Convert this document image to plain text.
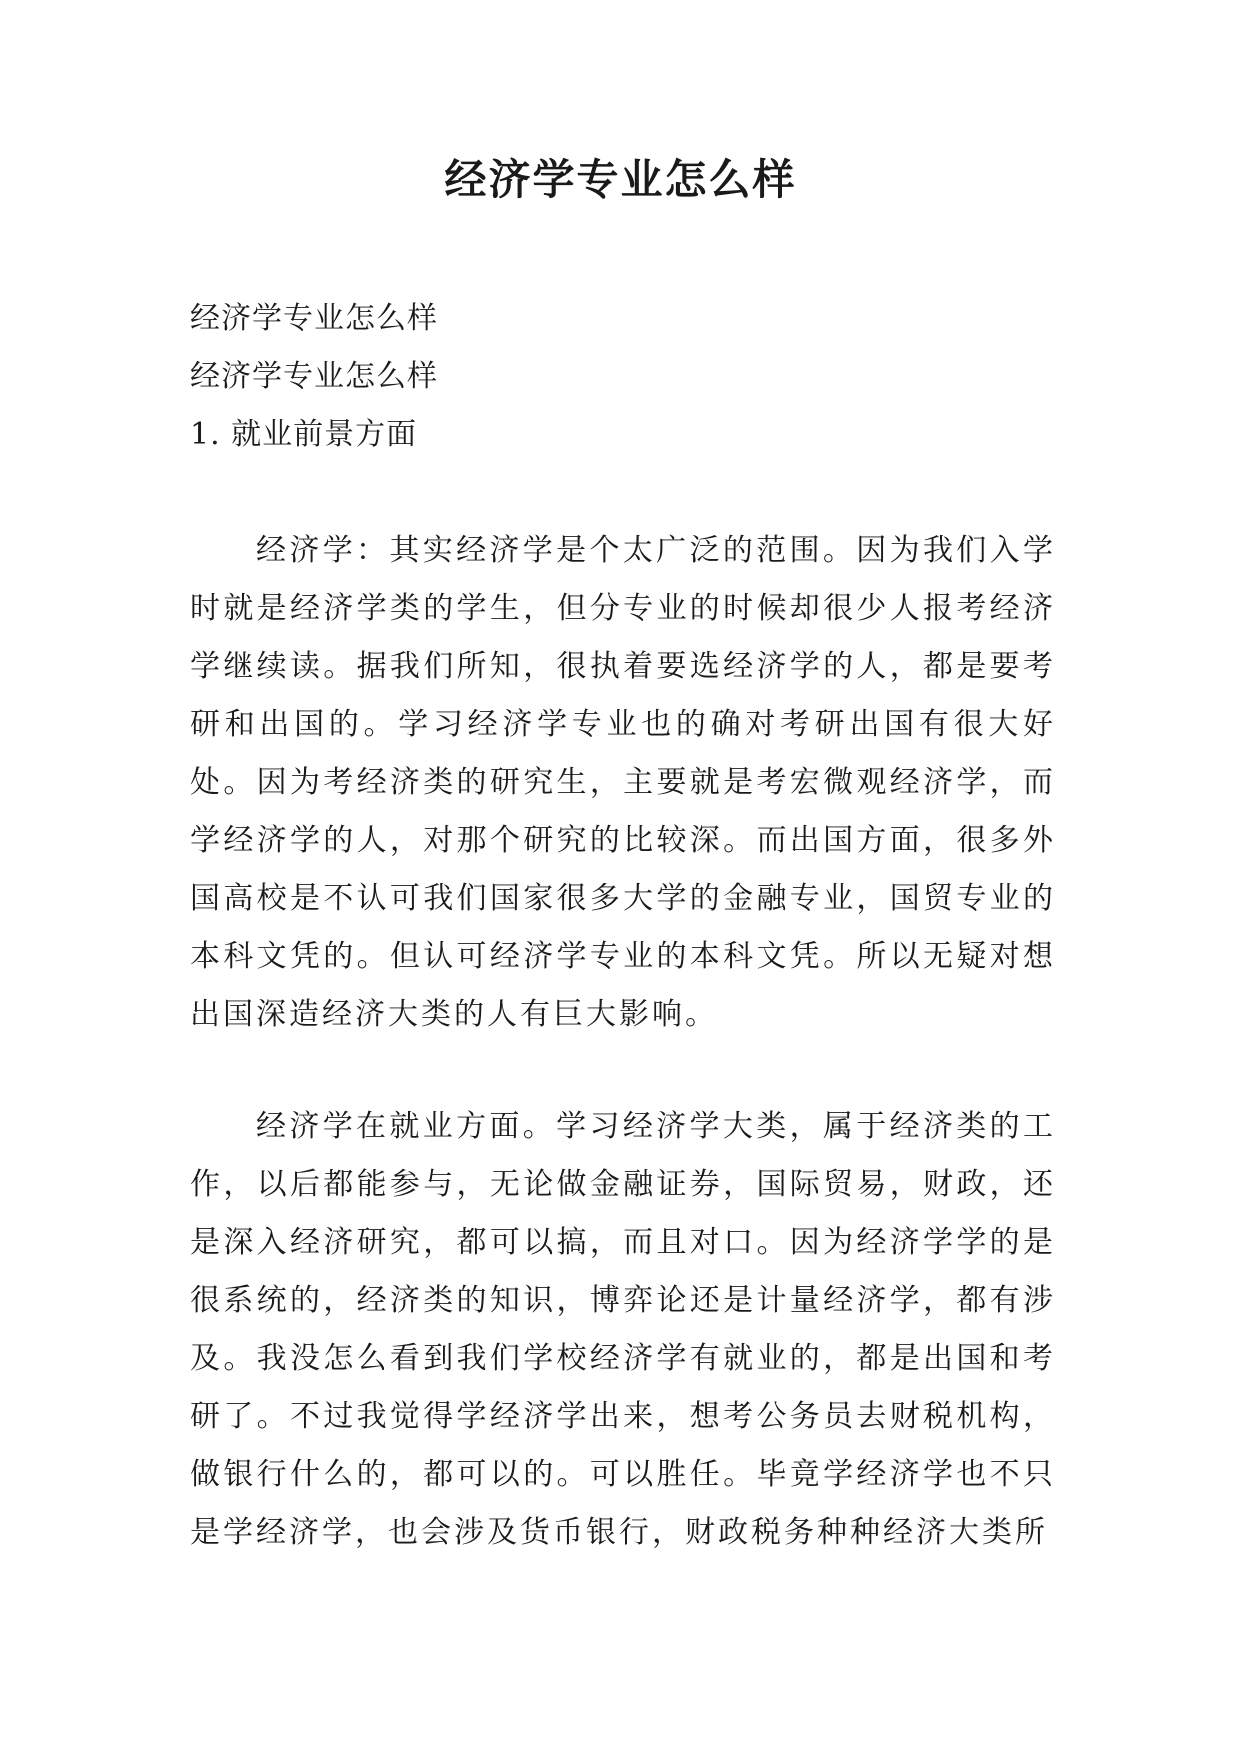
经济学专业怎么样
经济学专业怎么样
经济学专业怎么样
1. 就业前景方面

经济学：其实经济学是个太广泛的范围。因为我们入学时就是经济学类的学生，但分专业的时候却很少人报考经济学继续读。据我们所知，很执着要选经济学的人，都是要考研和出国的。学习经济学专业也的确对考研出国有很大好处。因为考经济类的研究生，主要就是考宏微观经济学，而学经济学的人，对那个研究的比较深。而出国方面，很多外国高校是不认可我们国家很多大学的金融专业，国贸专业的本科文凭的。但认可经济学专业的本科文凭。所以无疑对想出国深造经济大类的人有巨大影响。

经济学在就业方面。学习经济学大类，属于经济类的工作，以后都能参与，无论做金融证券，国际贸易，财政，还是深入经济研究，都可以搞，而且对口。因为经济学学的是很系统的，经济类的知识，博弈论还是计量经济学，都有涉及。我没怎么看到我们学校经济学有就业的，都是出国和考研了。不过我觉得学经济学出来，想考公务员去财税机构，做银行什么的，都可以的。可以胜任。毕竟学经济学也不只是学经济学，也会涉及货币银行，财政税务种种经济大类所
